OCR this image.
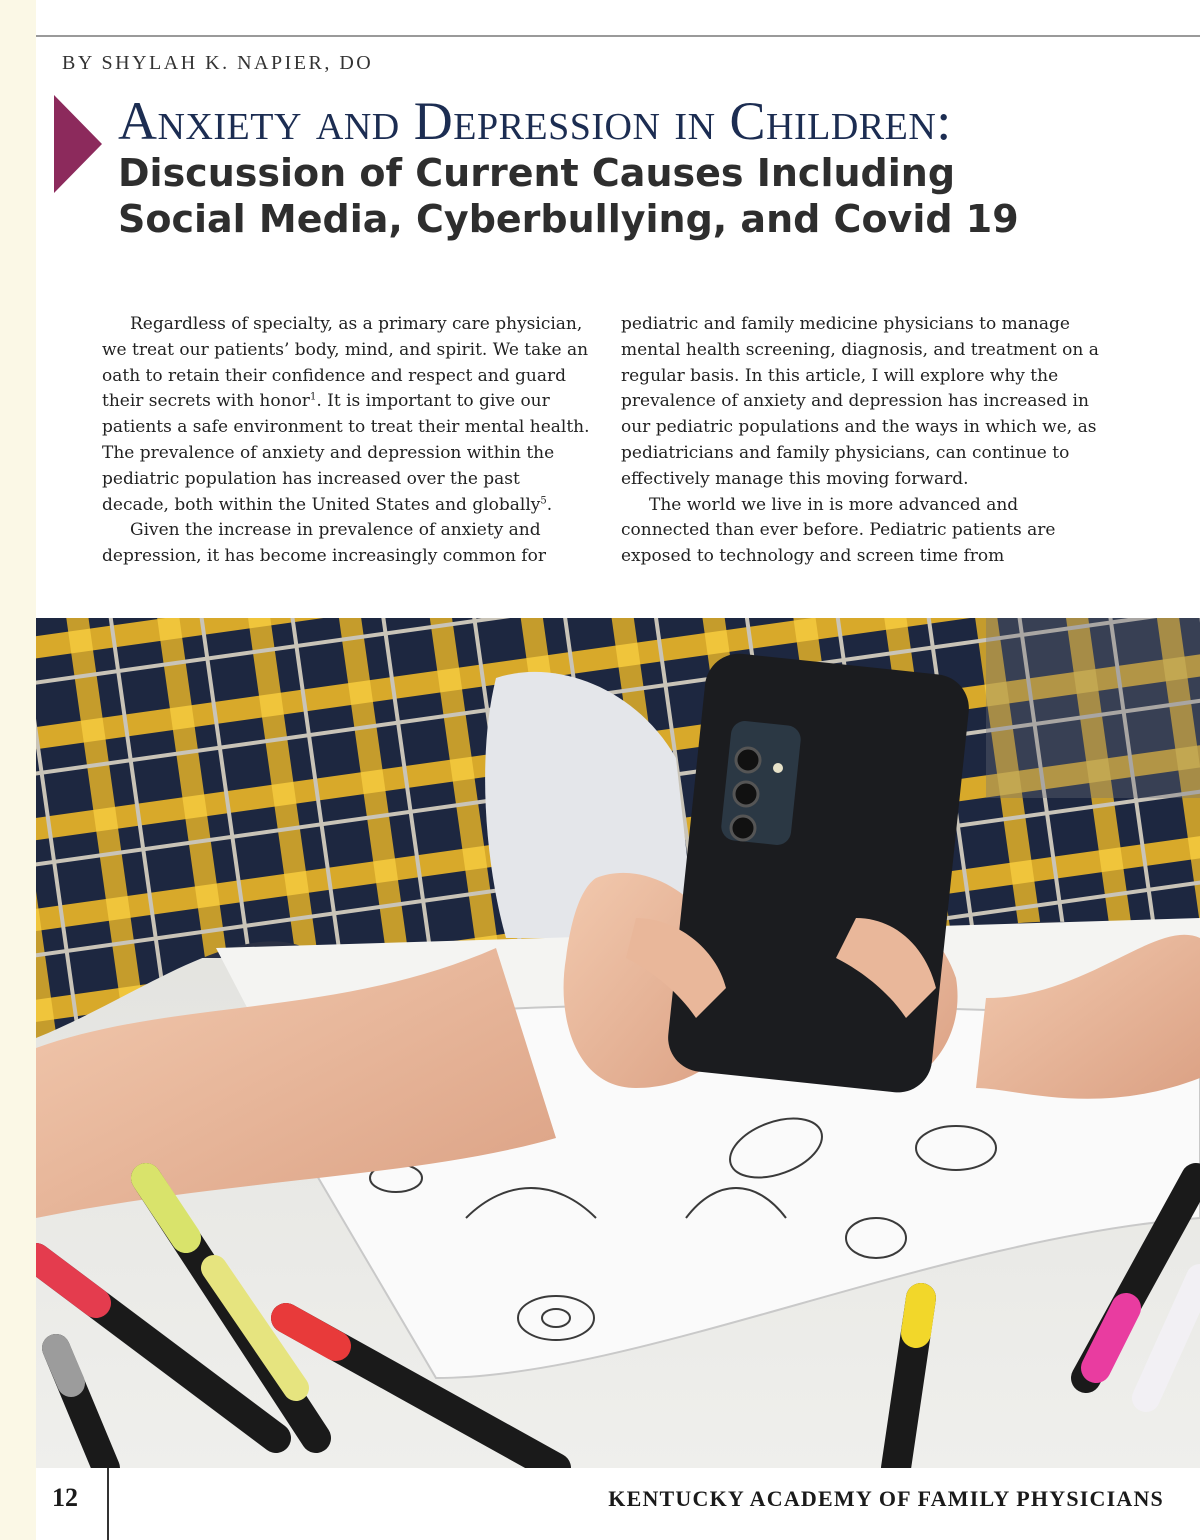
BY SHYLAH K. NAPIER, DO
Anxiety and Depression in Children:
Discussion of Current Causes Including
Social Media, Cyberbullying, and Covid 19

Regardless of specialty, as a primary care physician, we treat our patients’ body, mind, and spirit. We take an oath to retain their confidence and respect and guard their secrets with honor$^1$. It is important to give our patients a safe environment to treat their mental health. The prevalence of anxiety and depression within the pediatric population has increased over the past decade, both within the United States and globally$^5$.

Given the increase in prevalence of anxiety and depression, it has become increasingly common for

pediatric and family medicine physicians to manage mental health screening, diagnosis, and treatment on a regular basis. In this article, I will explore why the prevalence of anxiety and depression has increased in our pediatric populations and the ways in which we, as pediatricians and family physicians, can continue to effectively manage this moving forward.

The world we live in is more advanced and connected than ever before. Pediatric patients are exposed to technology and screen time from

12	KENTUCKY ACADEMY OF FAMILY PHYSICIANS
